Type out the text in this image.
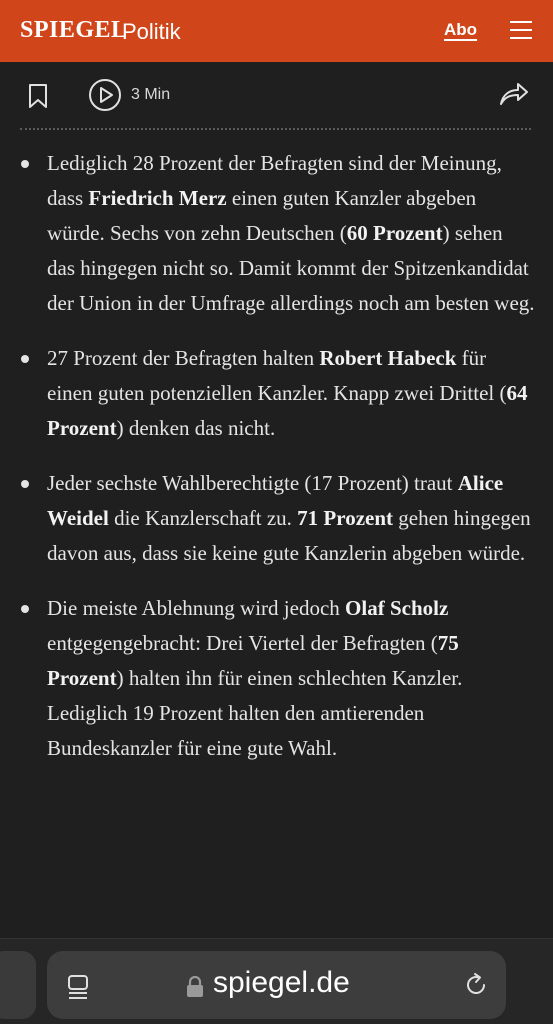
SPIEGEL
Politik	Abo
3 Min
Lediglich 28 Prozent der Befragten sind der Meinung, dass Friedrich Merz einen guten Kanzler abgeben würde. Sechs von zehn Deutschen (60 Prozent) sehen das hingegen nicht so. Damit kommt der Spitzenkandidat der Union in der Umfrage allerdings noch am besten weg.
27 Prozent der Befragten halten Robert Habeck für einen guten potenziellen Kanzler. Knapp zwei Drittel (64 Prozent) denken das nicht.
Jeder sechste Wahlberechtigte (17 Prozent) traut Alice Weidel die Kanzlerschaft zu. 71 Prozent gehen hingegen davon aus, dass sie keine gute Kanzlerin abgeben würde.
Die meiste Ablehnung wird jedoch Olaf Scholz entgegengebracht: Drei Viertel der Befragten (75 Prozent) halten ihn für einen schlechten Kanzler. Lediglich 19 Prozent halten den amtierenden Bundeskanzler für eine gute Wahl.
spiegel.de
